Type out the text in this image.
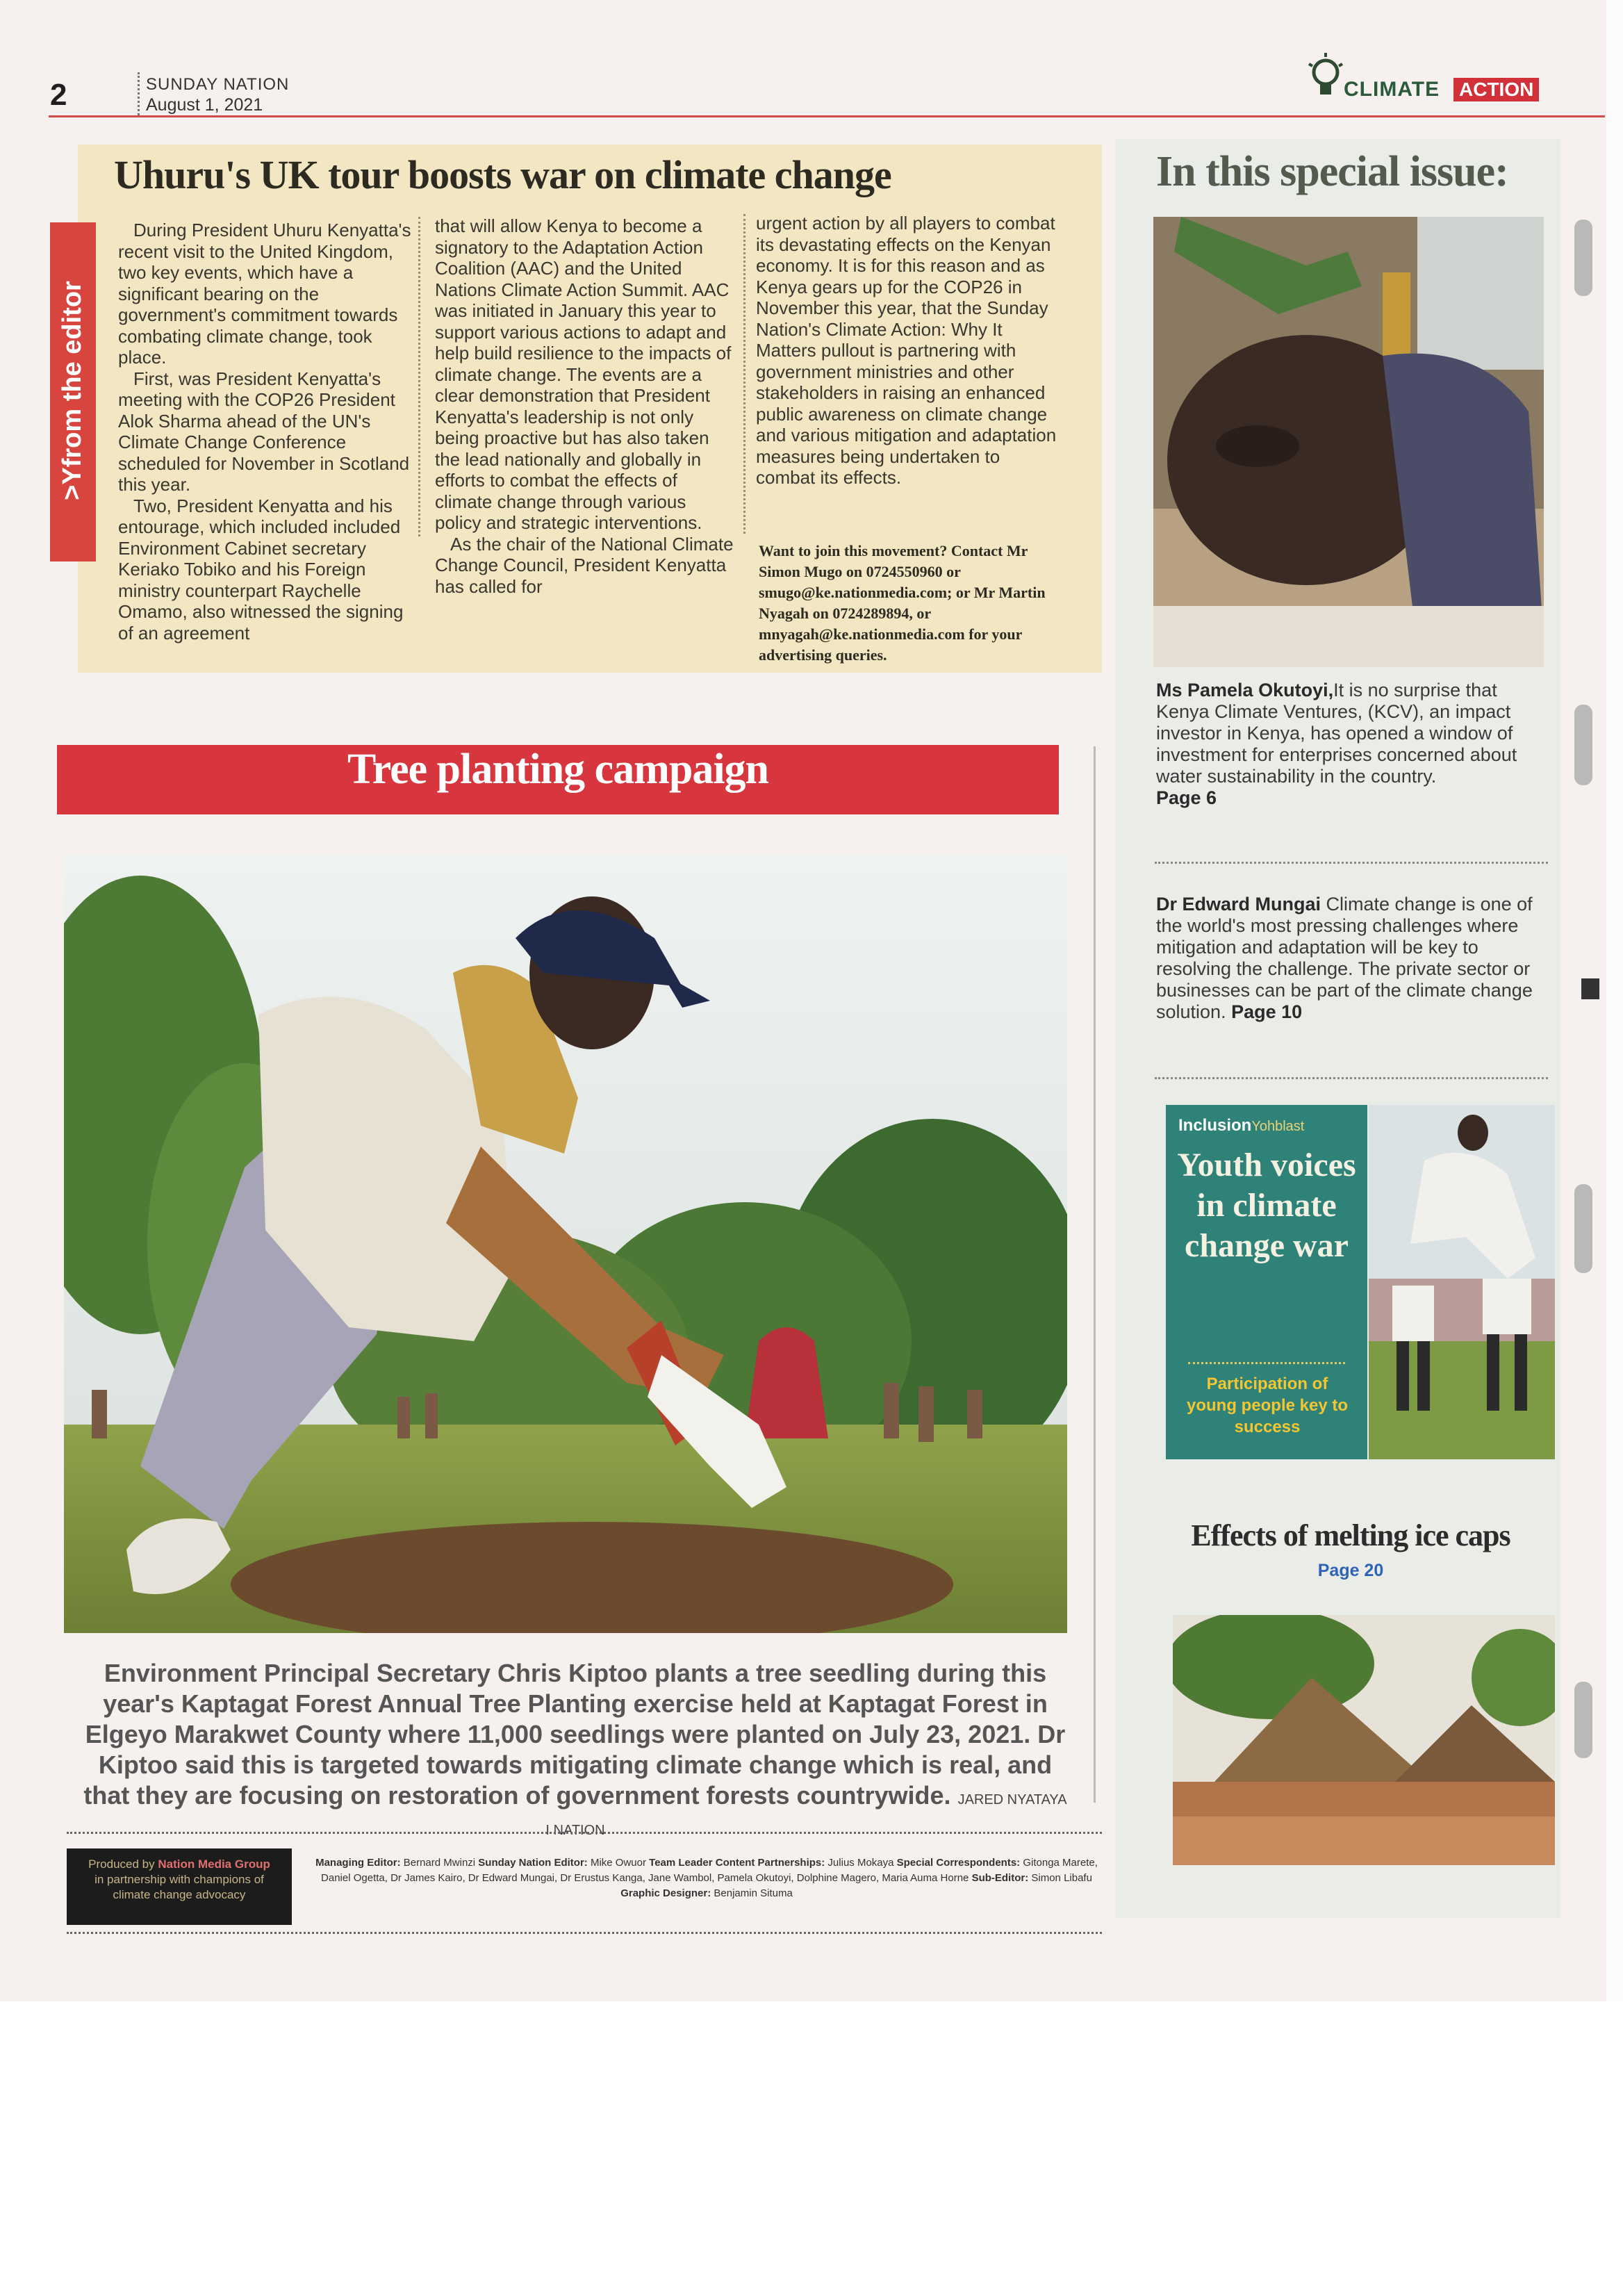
2	SUNDAY NATION
August 1, 2021
CLIMATE ACTION
>Yfrom the editor
Uhuru's UK tour boosts war on climate change

During President Uhuru Kenyatta's recent visit to the United Kingdom, two key events, which have a significant bearing on the government's commitment towards combating climate change, took place.

First, was President Kenyatta's meeting with the COP26 President Alok Sharma ahead of the UN's Climate Change Conference scheduled for November in Scotland this year.

Two, President Kenyatta and his entourage, which included included Environment Cabinet secretary Keriako Tobiko and his Foreign ministry counterpart Raychelle Omamo, also witnessed the signing of an agreement

that will allow Kenya to become a signatory to the Adaptation Action Coalition (AAC) and the United Nations Climate Action Summit. AAC was initiated in January this year to support various actions to adapt and help build resilience to the impacts of climate change. The events are a clear demonstration that President Kenyatta's leadership is not only being proactive but has also taken the lead nationally and globally in efforts to combat the effects of climate change through various policy and strategic interventions.

As the chair of the National Climate Change Council, President Kenyatta has called for

urgent action by all players to combat its devastating effects on the Kenyan economy. It is for this reason and as Kenya gears up for the COP26 in November this year, that the Sunday Nation's Climate Action: Why It Matters pullout is partnering with government ministries and other stakeholders in raising an enhanced public awareness on climate change and various mitigation and adaptation measures being undertaken to combat its effects.

Want to join this movement? Contact Mr Simon Mugo on 0724550960 or smugo@ke.nationmedia.com; or Mr Martin Nyagah on 0724289894, or mnyagah@ke.nationmedia.com for your advertising queries.
Tree planting campaign
Environment Principal Secretary Chris Kiptoo plants a tree seedling during this year's Kaptagat Forest Annual Tree Planting exercise held at Kaptagat Forest in Elgeyo Marakwet County where 11,000 seedlings were planted on July 23, 2021. Dr Kiptoo said this is targeted towards mitigating climate change which is real, and that they are focusing on restoration of government forests countrywide. JARED NYATAYA I NATION
Produced by Nation Media Group
in partnership with champions of climate change advocacy
Managing Editor: Bernard Mwinzi Sunday Nation Editor: Mike Owuor Team Leader Content Partnerships: Julius Mokaya Special Correspondents: Gitonga Marete, Daniel Ogetta, Dr James Kairo, Dr Edward Mungai, Dr Erustus Kanga, Jane Wambol, Pamela Okutoyi, Dolphine Magero, Maria Auma Horne Sub-Editor: Simon Libafu Graphic Designer: Benjamin Situma
In this special issue:
Ms Pamela Okutoyi,It is no surprise that Kenya Climate Ventures, (KCV), an impact investor in Kenya, has opened a window of investment for enterprises concerned about water sustainability in the country.
Page 6
Dr Edward Mungai Climate change is one of the world's most pressing challenges where mitigation and adaptation will be key to resolving the challenge. The private sector or businesses can be part of the climate change solution. Page 10
InclusionYohblast
Youth voices in climate change war
Participation of young people key to success
Effects of melting ice caps
Page 20
